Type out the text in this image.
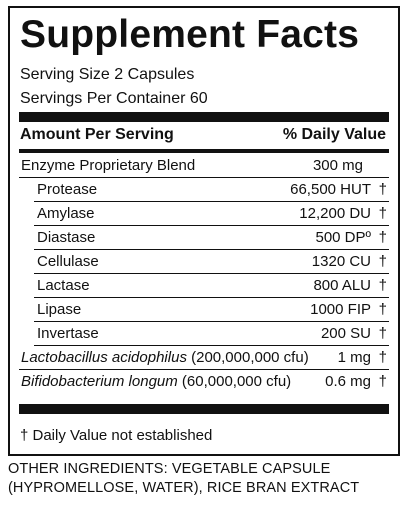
Supplement Facts
Serving Size 2 Capsules
Servings Per Container 60
Amount Per Serving	% Daily Value
Enzyme Proprietary Blend	300 mg
Protease	66,500 HUT †
Amylase	12,200 DU †
Diastase	500 DPº †
Cellulase	1320 CU †
Lactase	800 ALU †
Lipase	1000 FIP †
Invertase	200 SU †
Lactobacillus acidophilus (200,000,000 cfu) 1 mg †
Bifidobacterium longum (60,000,000 cfu) 0.6 mg †
† Daily Value not established
OTHER INGREDIENTS: VEGETABLE CAPSULE
(HYPROMELLOSE, WATER), RICE BRAN EXTRACT
